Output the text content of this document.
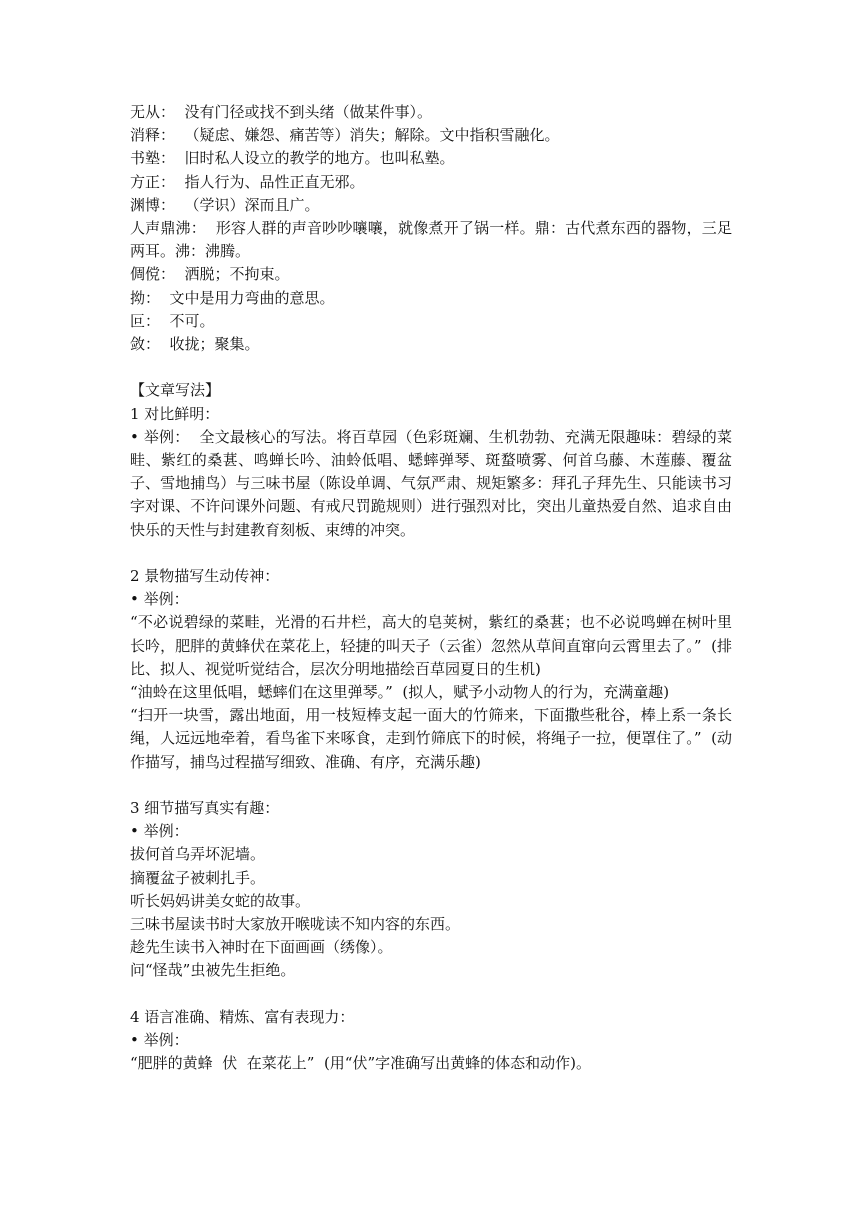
无从：  没有门径或找不到头绪（做某件事）。

消释：  （疑虑、嫌怨、痛苦等）消失；解除。文中指积雪融化。

书塾：  旧时私人设立的教学的地方。也叫私塾。

方正：  指人行为、品性正直无邪。

渊博：  （学识）深而且广。

人声鼎沸：  形容人群的声音吵吵嚷嚷，就像煮开了锅一样。鼎：古代煮东西的器物，三足两耳。沸：沸腾。

倜傥：  洒脱；不拘束。

拗：  文中是用力弯曲的意思。

叵：  不可。

敛：  收拢；聚集。

【文章写法】

1 对比鲜明：

• 举例：  全文最核心的写法。将百草园（色彩斑斓、生机勃勃、充满无限趣味：碧绿的菜畦、紫红的桑葚、鸣蝉长吟、油蛉低唱、蟋蟀弹琴、斑蝥喷雾、何首乌藤、木莲藤、覆盆子、雪地捕鸟）与三味书屋（陈设单调、气氛严肃、规矩繁多：拜孔子拜先生、只能读书习字对课、不许问课外问题、有戒尺罚跪规则）进行强烈对比，突出儿童热爱自然、追求自由快乐的天性与封建教育刻板、束缚的冲突。

2 景物描写生动传神：

• 举例：

“不必说碧绿的菜畦，光滑的石井栏，高大的皂荚树，紫红的桑葚；也不必说鸣蝉在树叶里长吟，肥胖的黄蜂伏在菜花上，轻捷的叫天子（云雀）忽然从草间直窜向云霄里去了。”  (排比、拟人、视觉听觉结合，层次分明地描绘百草园夏日的生机)

“油蛉在这里低唱，蟋蟀们在这里弹琴。”  (拟人，赋予小动物人的行为，充满童趣)

“扫开一块雪，露出地面，用一枝短棒支起一面大的竹筛来，下面撒些秕谷，棒上系一条长绳，人远远地牵着，看鸟雀下来啄食，走到竹筛底下的时候，将绳子一拉，便罩住了。”  (动作描写，捕鸟过程描写细致、准确、有序，充满乐趣)

3 细节描写真实有趣：

• 举例：

拔何首乌弄坏泥墙。

摘覆盆子被刺扎手。

听长妈妈讲美女蛇的故事。

三味书屋读书时大家放开喉咙读不知内容的东西。

趁先生读书入神时在下面画画（绣像）。

问“怪哉”虫被先生拒绝。

4 语言准确、精炼、富有表现力：

• 举例：

“肥胖的黄蜂  伏  在菜花上”  (用“伏”字准确写出黄蜂的体态和动作)。
